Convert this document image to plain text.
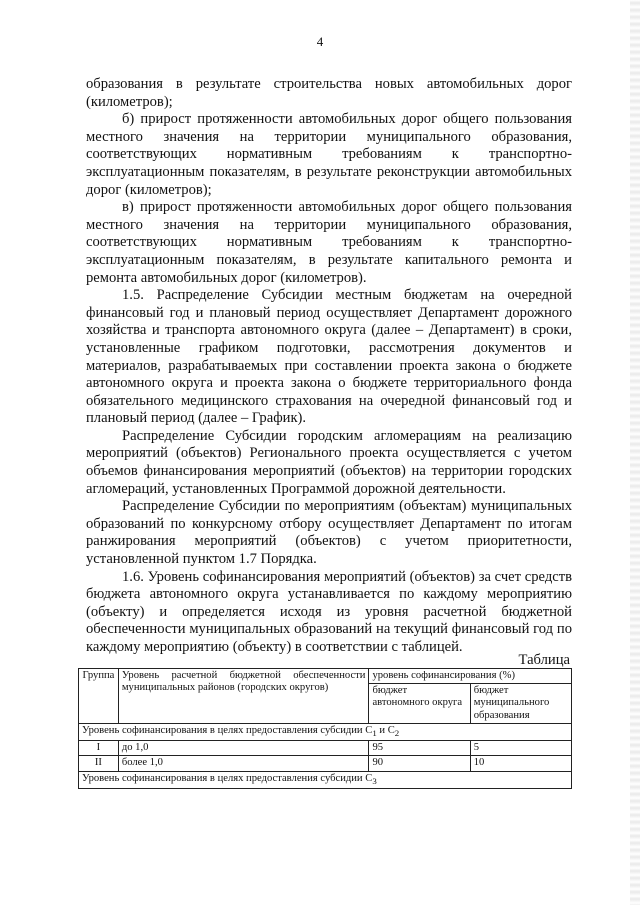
4

образования в результате строительства новых автомобильных дорог (километров);

б) прирост протяженности автомобильных дорог общего пользования местного значения на территории муниципального образования, соответствующих нормативным требованиям к транспортно-эксплуатационным показателям, в результате реконструкции автомобильных дорог (километров);

в) прирост протяженности автомобильных дорог общего пользования местного значения на территории муниципального образования, соответствующих нормативным требованиям к транспортно-эксплуатационным показателям, в результате капитального ремонта и ремонта автомобильных дорог (километров).

1.5. Распределение Субсидии местным бюджетам на очередной финансовый год и плановый период осуществляет Департамент дорожного хозяйства и транспорта автономного округа (далее – Департамент) в сроки, установленные графиком подготовки, рассмотрения документов и материалов, разрабатываемых при составлении проекта закона о бюджете автономного округа и проекта закона о бюджете территориального фонда обязательного медицинского страхования на очередной финансовый год и плановый период (далее – График).

Распределение Субсидии городским агломерациям на реализацию мероприятий (объектов) Регионального проекта осуществляется с учетом объемов финансирования мероприятий (объектов) на территории городских агломераций, установленных Программой дорожной деятельности.

Распределение Субсидии по мероприятиям (объектам) муниципальных образований по конкурсному отбору осуществляет Департамент по итогам ранжирования мероприятий (объектов) с учетом приоритетности, установленной пунктом 1.7 Порядка.

1.6. Уровень софинансирования мероприятий (объектов) за счет средств бюджета автономного округа устанавливается по каждому мероприятию (объекту) и определяется исходя из уровня расчетной бюджетной обеспеченности муниципальных образований на текущий финансовый год по каждому мероприятию (объекту) в соответствии с таблицей.

Таблица
Группа	Уровень расчетной бюджетной обеспеченности муниципальных районов (городских округов)	уровень софинансирования (%)	
		бюджет автономного округа	бюджет муниципального образования
Уровень софинансирования в целях предоставления субсидии $С_1$ и $С_2$
I	до 1,0	95	5
II	более 1,0	90	10
Уровень софинансирования в целях предоставления субсидии $С_3$
